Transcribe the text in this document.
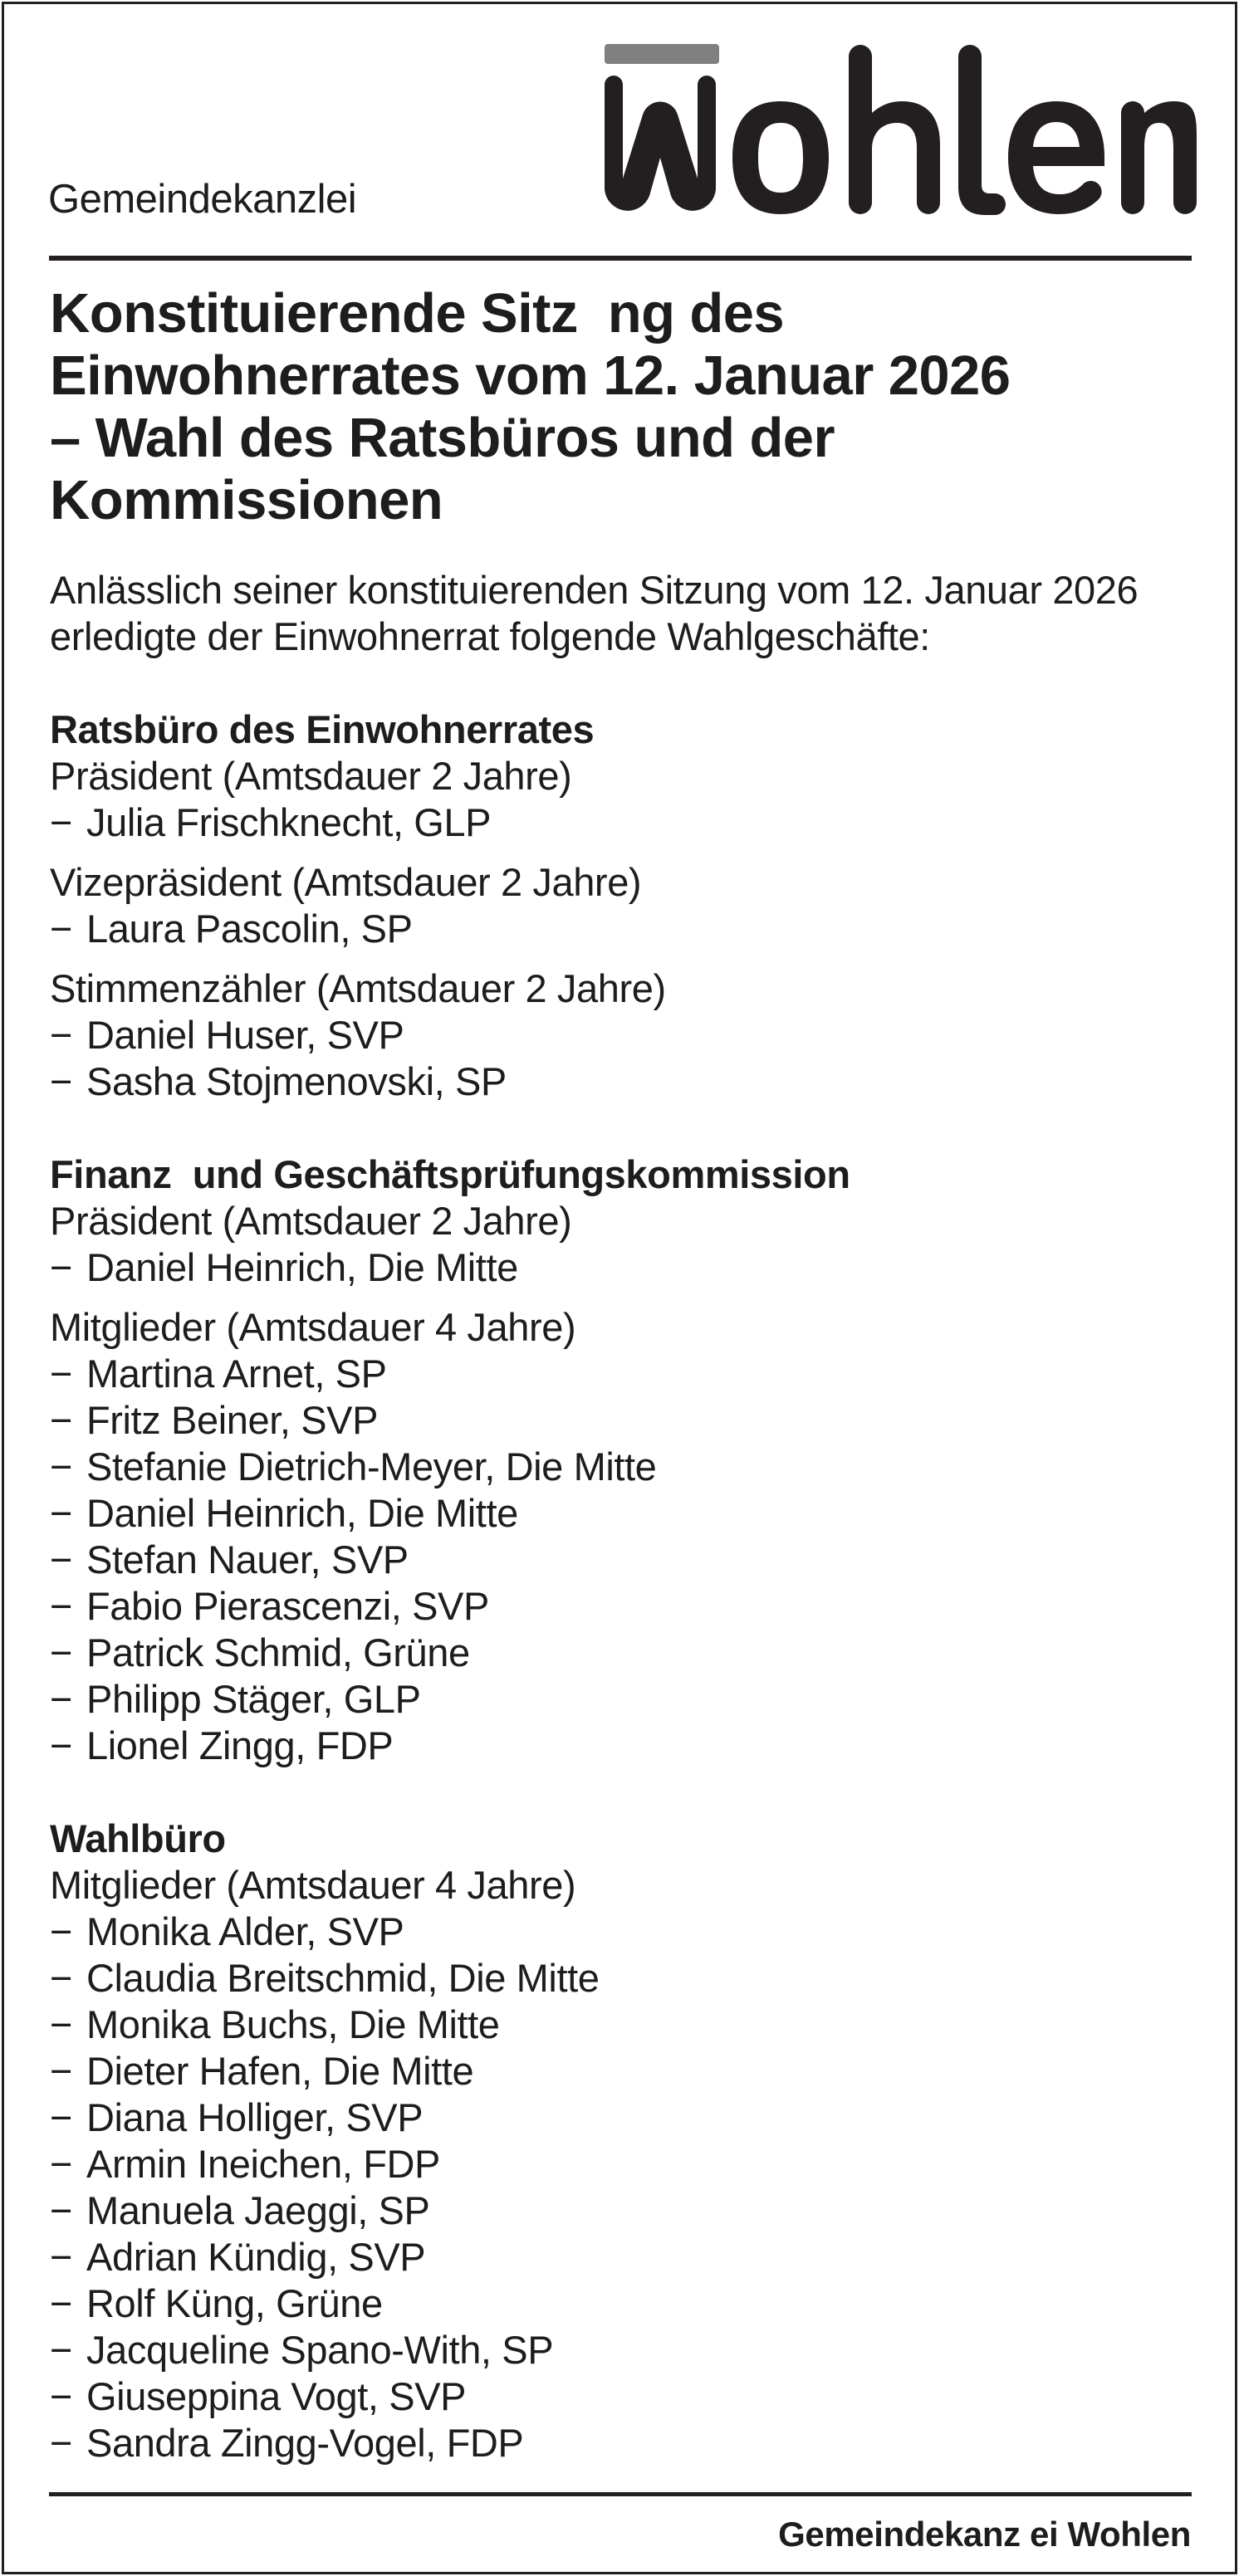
Gemeindekanzlei
Konstituierende Sitz  ng des
Einwohnerrates vom 12. Januar 2026
– Wahl des Ratsbüros und der
Kommissionen
Anlässlich seiner konstituierenden Sitzung vom 12. Januar 2026
erledigte der Einwohnerrat folgende Wahlgeschäfte:
Ratsbüro des Einwohnerrates
Präsident (Amtsdauer 2 Jahre)
− Julia Frischknecht, GLP
Vizepräsident (Amtsdauer 2 Jahre)
− Laura Pascolin, SP
Stimmenzähler (Amtsdauer 2 Jahre)
− Daniel Huser, SVP
− Sasha Stojmenovski, SP
Finanz  und Geschäftsprüfungskommission
Präsident (Amtsdauer 2 Jahre)
− Daniel Heinrich, Die Mitte
Mitglieder (Amtsdauer 4 Jahre)
− Martina Arnet, SP
− Fritz Beiner, SVP
− Stefanie Dietrich-Meyer, Die Mitte
− Daniel Heinrich, Die Mitte
− Stefan Nauer, SVP
− Fabio Pierascenzi, SVP
− Patrick Schmid, Grüne
− Philipp Stäger, GLP
− Lionel Zingg, FDP
Wahlbüro
Mitglieder (Amtsdauer 4 Jahre)
− Monika Alder, SVP
− Claudia Breitschmid, Die Mitte
− Monika Buchs, Die Mitte
− Dieter Hafen, Die Mitte
− Diana Holliger, SVP
− Armin Ineichen, FDP
− Manuela Jaeggi, SP
− Adrian Kündig, SVP
− Rolf Küng, Grüne
− Jacqueline Spano-With, SP
− Giuseppina Vogt, SVP
− Sandra Zingg-Vogel, FDP
Gemeindekanz ei Wohlen
